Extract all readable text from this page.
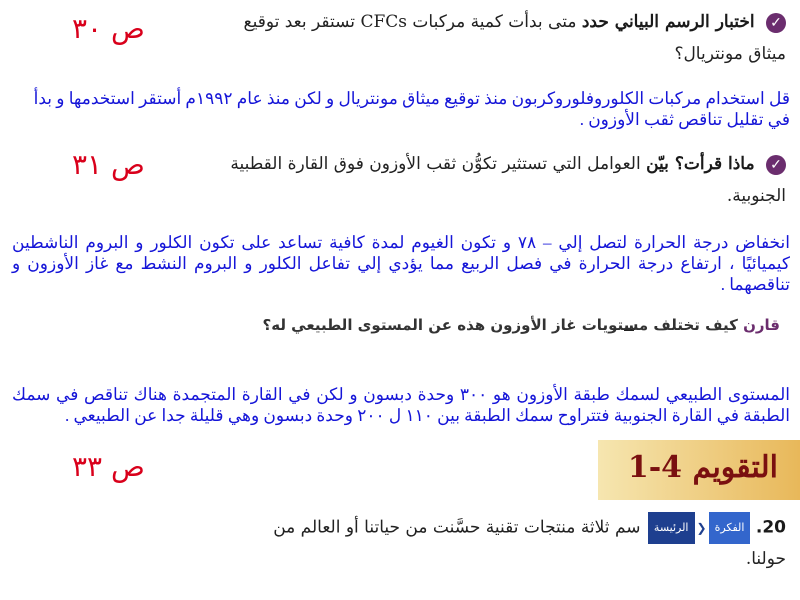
ص ٣٠
ص ٣١
ص ٣٣
✓ اختبار الرسم البياني حدد متى بدأت كمية مركبات CFCs تستقر بعد توقيع ميثاق مونتريال؟
قل استخدام مركبات الكلوروفلوروكربون منذ توقيع ميثاق مونتريال و لكن منذ عام ١٩٩٢م أستقر استخدمها و بدأ
في تقليل تناقص ثقب الأوزون .
✓ ماذا قرأت؟ بيّن العوامل التي تستثير تكوُّن ثقب الأوزون فوق القارة القطبية الجنوبية.
انخفاض درجة الحرارة لتصل إلي – ٧٨ و تكون الغيوم لمدة كافية تساعد على تكون الكلور و البروم الناشطين كيميائيًا ، ارتفاع درجة الحرارة في فصل الربيع مما يؤدي إلي تفاعل الكلور و البروم النشط مع غاز الأوزون و تناقصهما .
قارن كيف تختلف مستويات غاز الأوزون هذه عن المستوى الطبيعي له؟
المستوى الطبيعي لسمك طبقة الأوزون هو ٣٠٠ وحدة دبسون و لكن في القارة المتجمدة هناك تناقص في سمك الطبقة في القارة الجنوبية فتتراوح سمك الطبقة بين ١١٠ ل ٢٠٠ وحدة دبسون وهي قليلة جدا عن الطبيعي .
التقويم 4-1
20. الفكرة❮الرئيسة سم ثلاثة منتجات تقنية حسَّنت من حياتنا أو العالم من حولنا.
